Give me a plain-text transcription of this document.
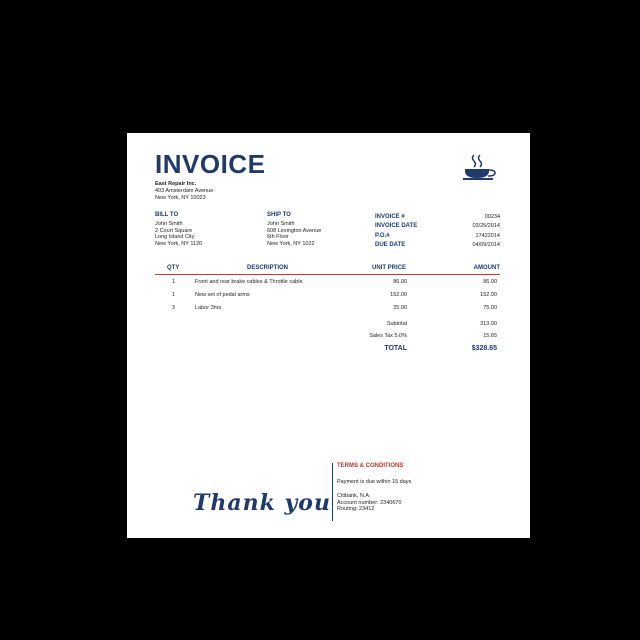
INVOICE
East Repair Inc.
403 Amsterdam Avenue
New York, NY 10023
BILL TO
John Smith
2 Court Square
Long Island City
New York, NY 1120
SHIP TO
John Smith
608 Lexington Avenue
6th Floor
New York, NY 1022
INVOICE #	00234
INVOICE DATE	03/25/2014
P.O.#	17422014
DUE DATE	04/09/2014
QTY	DESCRIPTION	UNIT PRICE	AMOUNT
1	Front and rear brake cables & Throttle cable	86.00	86.00
1	New set of pedal arms	152.00	152.00
3	Labor 3hrs	25.00	75.00
Subtotal	313.00
Sales Tax 5.0%	15.65
TOTAL	$328.65
Thank you
TERMS & CONDITIONS
Payment is due within 15 days
Citibank, N.A.
Account number: 2340670
Routing: 23412
